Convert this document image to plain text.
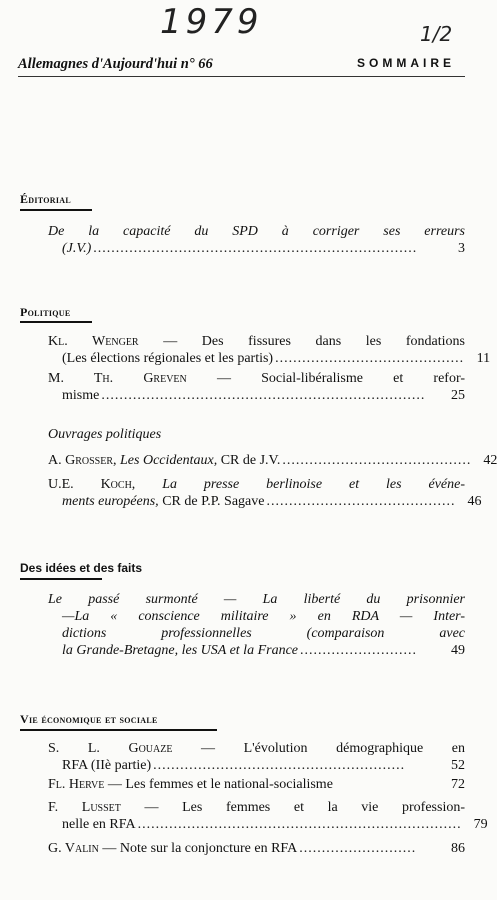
1979	1/2
Allemagnes d'Aujourd'hui n° 66	SOMMAIRE
Éditorial
De la capacité du SPD à corriger ses erreurs
(J.V.) ........................................................................	3
Politique
Kl. Wenger — Des fissures dans les fondations
(Les élections régionales et les partis) .......................................... 11
M. Th. Greven — Social-libéralisme et refor-
misme ........................................................................	25
Ouvrages politiques
A. Grosser, Les Occidentaux, CR de J.V. .......................................... 42
U.E. Koch, La presse berlinoise et les événe-
ments européens, CR de P.P. Sagave .......................................... 46
Des idées et des faits
Le passé surmonté — La liberté du prisonnier
—La « conscience militaire » en RDA — Inter-
dictions professionnelles (comparaison avec
la Grande-Bretagne, les USA et la France ..........................	49
Vie économique et sociale
S. L. Gouaze — L'évolution démographique en
RFA (IIè partie) ........................................................	52
Fl. Herve — Les femmes et le national-socialisme	72
F. Lusset — Les femmes et la vie profession-
nelle en RFA ........................................................................ 79
G. Valin — Note sur la conjoncture en RFA ..........................	86
